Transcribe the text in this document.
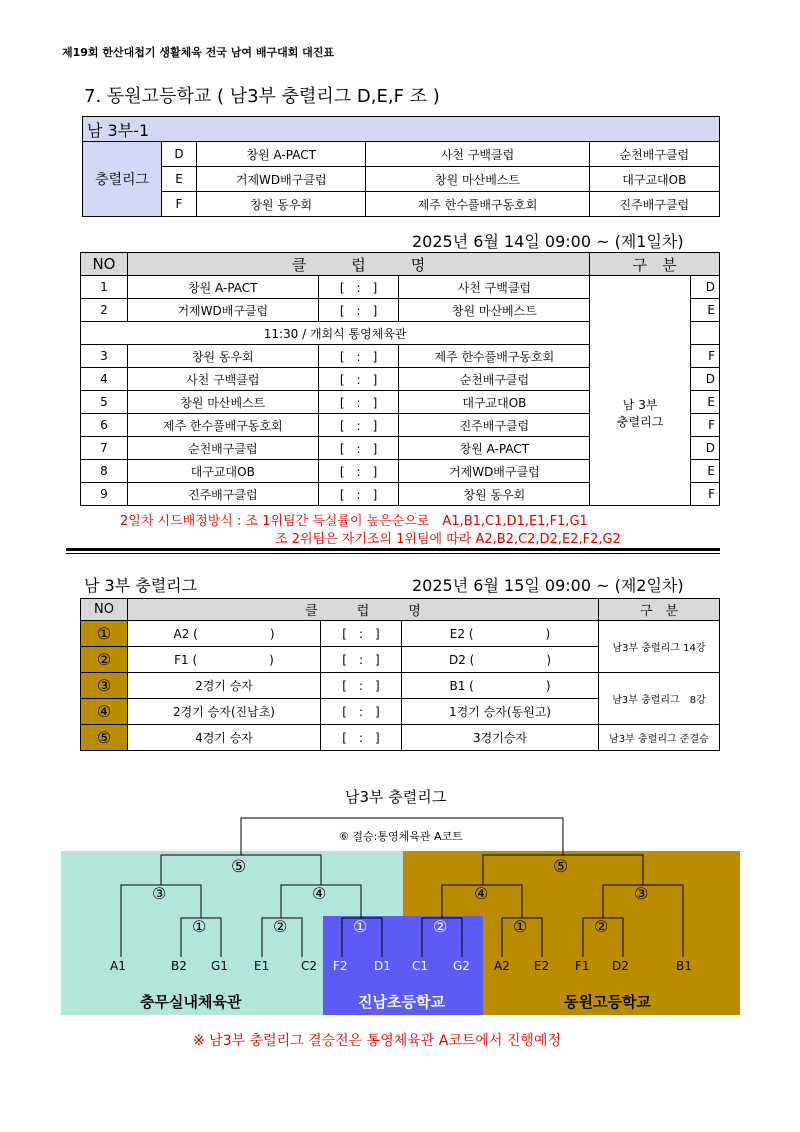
제19회 한산대첩기 생활체육 전국 남여 배구대회 대진표
7. 동원고등학교 ( 남3부 충렬리그 D,E,F 조 )
남 3부-1				
충렬리그	D	창원 A-PACT	사천 구백클럽	순천배구클럽
	E	거제WD배구클럽	창원 마산베스트	대구교대OB
	F	창원 동우회	제주 한수풀배구동호회	진주배구클럽
2025년 6월 14일 09:00 ~ (제1일차)
NO	클　　　럽　　　명			구　분	
1	창원 A-PACT	[　:　]	사천 구백클럽		D
2	거제WD배구클럽	[　:　]	창원 마산베스트		E
11:30 / 개회식 통영체육관				남 3부
충렬리그	

3	창원 동우회	[　:　]	제주 한수풀배구동호회		F
4	사천 구백클럽	[　:　]	순천배구클럽		D
5	창원 마산베스트	[　:　]	대구교대OB		E
6	제주 한수풀배구동호회	[　:　]	진주배구클럽		F
7	순천배구클럽	[　:　]	창원 A-PACT		D
8	대구교대OB	[　:　]	거제WD배구클럽		E
9	진주배구클럽	[　:　]	창원 동우회		F
2일차 시드배정방식 : 조 1위팀간 득실률이 높은순으로　A1,B1,C1,D1,E1,F1,G1
조 2위팀은 자기조의 1위팀에 따라 A2,B2,C2,D2,E2,F2,G2
남 3부 충렬리그	2025년 6월 15일 09:00 ~ (제2일차)
NO	클　　　럽　　　명			구　분
①	A2 (　　　　　　)	[　:　]	E2 (　　　　　　)	남3부 충렬리그 14강
②	F1 (　　　　　　)	[　:　]	D2 (　　　　　　)	
③	2경기 승자	[　:　]	B1 (　　　　　　)	남3부 충렬리그　8강
④	2경기 승자(진남초)	[　:　]	1경기 승자(동원고)	
⑤	4경기 승자	[　:　]	3경기승자	남3부 충렬리그 준결승
남3부 충렬리그
⑥ 결승:통영체육관 A코트
⑤	⑤
③	④	④	③
①	②	①	②	①	②
A1	B2 G1 E1	C2 F2 D1 C1 G2 A2 E2 F1 D2	B1
충무실내체육관	진남초등학교	동원고등학교
※ 남3부 충렬리그 결승전은 통영체육관 A코트에서 진행예정
